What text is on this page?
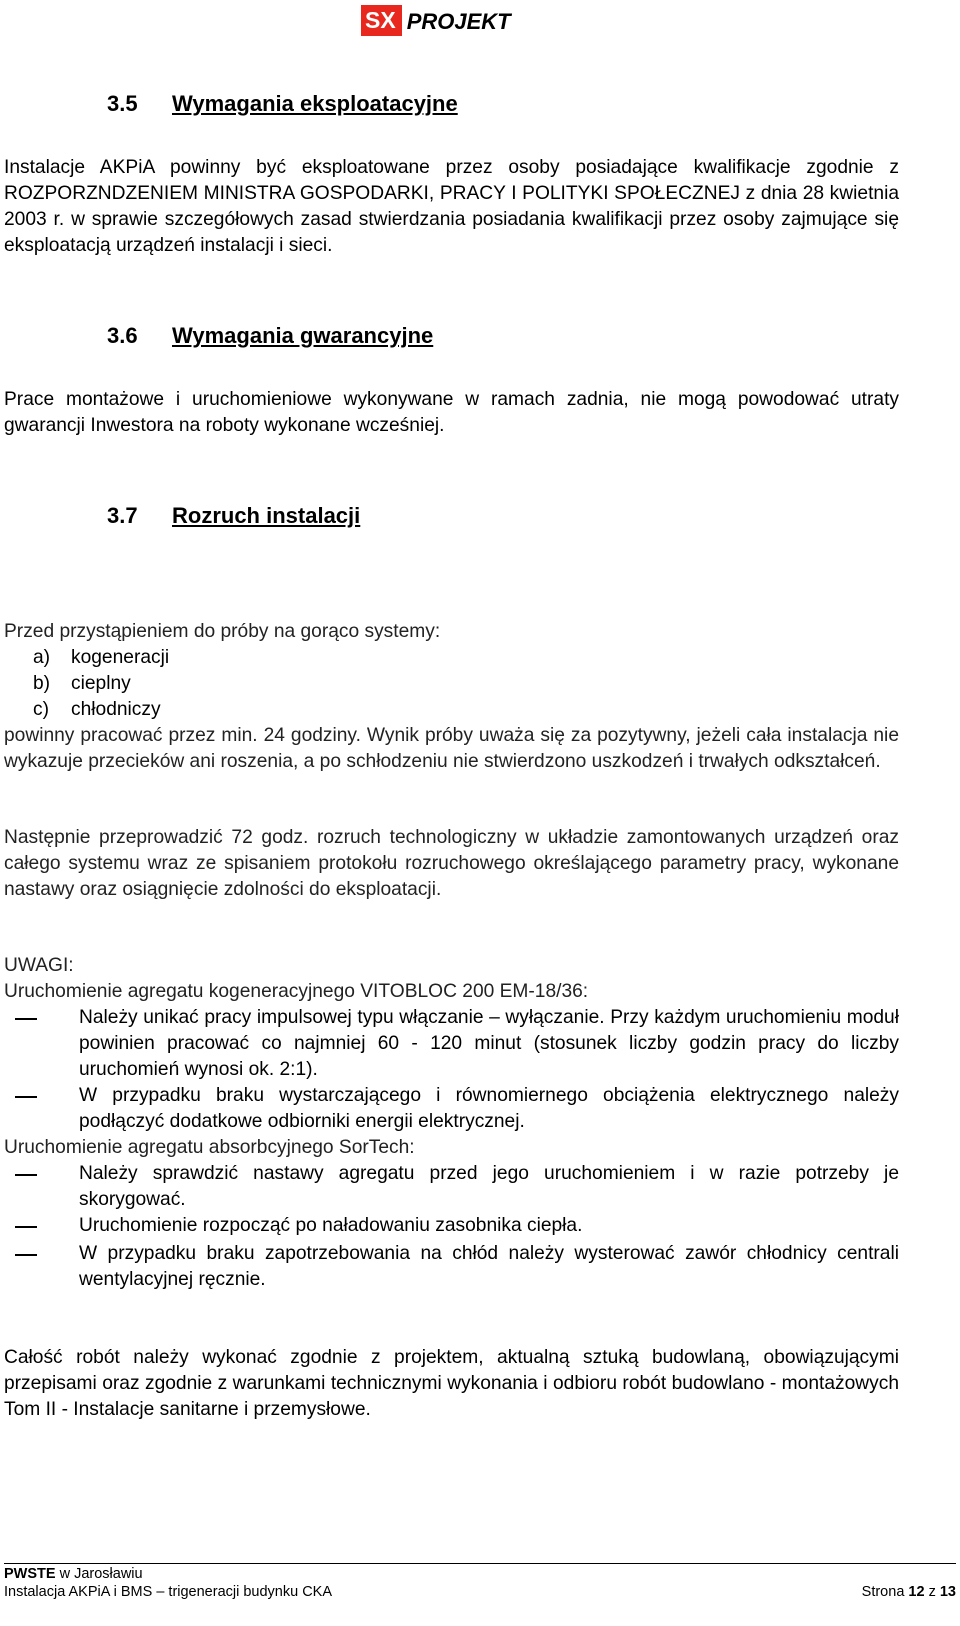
SX PROJEKT
3.5 Wymagania eksploatacyjne
Instalacje AKPiA powinny być eksploatowane przez osoby posiadające kwalifikacje zgodnie z ROZPORZNDZENIEM MINISTRA GOSPODARKI, PRACY I POLITYKI SPOŁECZNEJ z dnia 28 kwietnia 2003 r. w sprawie szczegółowych zasad stwierdzania posiadania kwalifikacji przez osoby zajmujące się eksploatacją urządzeń instalacji i sieci.
3.6 Wymagania gwarancyjne
Prace montażowe i uruchomieniowe wykonywane w ramach zadnia, nie mogą powodować utraty gwarancji Inwestora na roboty wykonane wcześniej.
3.7 Rozruch instalacji
Przed przystąpieniem do próby na gorąco systemy:
a) kogeneracji
b) cieplny
c) chłodniczy
powinny pracować przez min. 24 godziny. Wynik próby uważa się za pozytywny, jeżeli cała instalacja nie wykazuje przecieków ani roszenia, a po schłodzeniu nie stwierdzono uszkodzeń i trwałych odkształceń.
Następnie przeprowadzić 72 godz. rozruch technologiczny w układzie zamontowanych urządzeń oraz całego systemu wraz ze spisaniem protokołu rozruchowego określającego parametry pracy, wykonane nastawy oraz osiągnięcie zdolności do eksploatacji.
UWAGI:
Uruchomienie agregatu kogeneracyjnego VITOBLOC 200 EM-18/36:
Należy unikać pracy impulsowej typu włączanie – wyłączanie. Przy każdym uruchomieniu moduł powinien pracować co najmniej 60 - 120 minut (stosunek liczby godzin pracy do liczby uruchomień wynosi ok. 2:1).
W przypadku braku wystarczającego i równomiernego obciążenia elektrycznego należy podłączyć dodatkowe odbiorniki energii elektrycznej.
Uruchomienie agregatu absorbcyjnego SorTech:
Należy sprawdzić nastawy agregatu przed jego uruchomieniem i w razie potrzeby je skorygować.
Uruchomienie rozpocząć po naładowaniu zasobnika ciepła.
W przypadku braku zapotrzebowania na chłód należy wysterować zawór chłodnicy centrali wentylacyjnej ręcznie.
Całość robót należy wykonać zgodnie z projektem, aktualną sztuką budowlaną, obowiązującymi przepisami oraz zgodnie z warunkami technicznymi wykonania i odbioru robót budowlano - montażowych Tom II - Instalacje sanitarne i przemysłowe.
PWSTE w Jarosławiu
Instalacja AKPiA i BMS – trigeneracji budynku CKA	Strona 12 z 13
